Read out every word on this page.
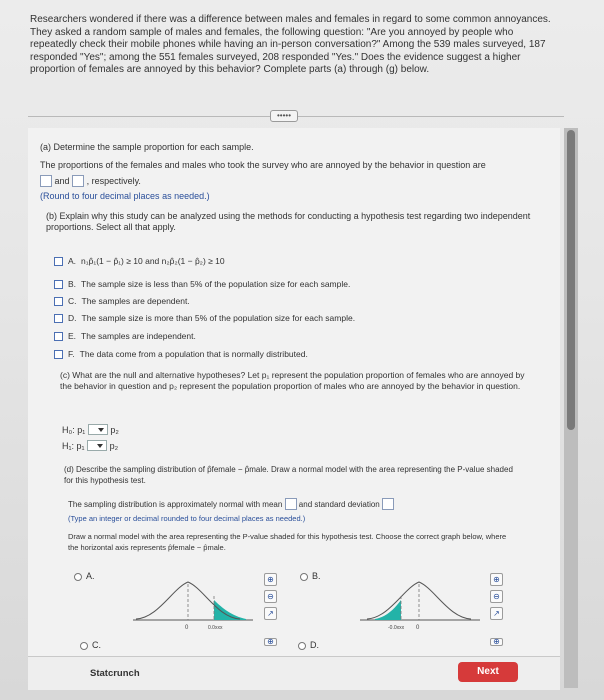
Researchers wondered if there was a difference between males and females in regard to some common annoyances. They asked a random sample of males and females, the following question: "Are you annoyed by people who repeatedly check their mobile phones while having an in-person conversation?" Among the 539 males surveyed, 187 responded "Yes"; among the 551 females surveyed, 208 responded "Yes." Does the evidence suggest a higher proportion of females are annoyed by this behavior? Complete parts (a) through (g) below.
•••••
(a) Determine the sample proportion for each sample.
The proportions of the females and males who took the survey who are annoyed by the behavior in question are
and , respectively.
(Round to four decimal places as needed.)
(b) Explain why this study can be analyzed using the methods for conducting a hypothesis test regarding two independent proportions. Select all that apply.
A. n₁p̂₁(1 − p̂₁) ≥ 10 and n₂p̂₂(1 − p̂₂) ≥ 10
B. The sample size is less than 5% of the population size for each sample.
C. The samples are dependent.
D. The sample size is more than 5% of the population size for each sample.
E. The samples are independent.
F. The data come from a population that is normally distributed.
(c) What are the null and alternative hypotheses? Let p₁ represent the population proportion of females who are annoyed by the behavior in question and p₂ represent the population proportion of males who are annoyed by the behavior in question.
H₀: p₁	p₂
H₁: p₁	p₂
(d) Describe the sampling distribution of p̂female − p̂male. Draw a normal model with the area representing the P-value shaded for this hypothesis test.
The sampling distribution is approximately normal with mean and standard deviation
(Type an integer or decimal rounded to four decimal places as needed.)
Draw a normal model with the area representing the P-value shaded for this hypothesis test. Choose the correct graph below, where the horizontal axis represents p̂female − p̂male.
A.
0	0.0xxx
⊕
⊖
↗
B.
0
-0.0xxx
⊕
⊖
↗
C.	⊕	D.	⊕
Statcrunch	Next
